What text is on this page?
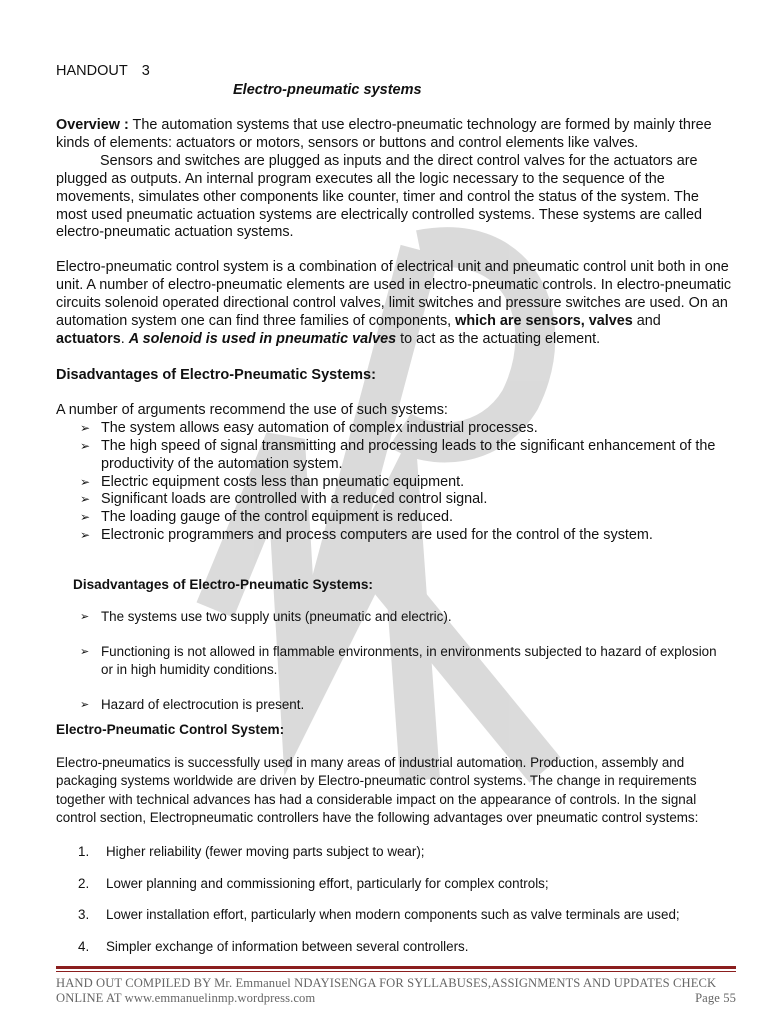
HANDOUT 3
Electro-pneumatic systems

Overview : The automation systems that use electro-pneumatic technology are formed by mainly three kinds of elements: actuators or motors, sensors or buttons and control elements like valves.

Sensors and switches are plugged as inputs and the direct control valves for the actuators are plugged as outputs. An internal program executes all the logic necessary to the sequence of the movements, simulates other components like counter, timer and control the status of the system. The most used pneumatic actuation systems are electrically controlled systems. These systems are called electro-pneumatic actuation systems.

Electro-pneumatic control system is a combination of electrical unit and pneumatic control unit both in one unit. A number of electro-pneumatic elements are used in electro-pneumatic controls. In electro-pneumatic circuits solenoid operated directional control valves, limit switches and pressure switches are used. On an automation system one can find three families of components, which are sensors, valves and actuators. A solenoid is used in pneumatic valves to act as the actuating element.

Disadvantages of Electro-Pneumatic Systems:

A number of arguments recommend the use of such systems:

➢ The system allows easy automation of complex industrial processes.
➢ The high speed of signal transmitting and processing leads to the significant enhancement of the productivity of the automation system.
➢ Electric equipment costs less than pneumatic equipment.
➢ Significant loads are controlled with a reduced control signal.
➢ The loading gauge of the control equipment is reduced.
➢ Electronic programmers and process computers are used for the control of the system.
Disadvantages of Electro-Pneumatic Systems:
➢ The systems use two supply units (pneumatic and electric).
➢ Functioning is not allowed in flammable environments, in environments subjected to hazard of explosion or in high humidity conditions.
➢ Hazard of electrocution is present.
Electro-Pneumatic Control System:

Electro-pneumatics is successfully used in many areas of industrial automation. Production, assembly and packaging systems worldwide are driven by Electro-pneumatic control systems. The change in requirements together with technical advances has had a considerable impact on the appearance of controls. In the signal control section, Electropneumatic controllers have the following advantages over pneumatic control systems:

1. Higher reliability (fewer moving parts subject to wear);
2. Lower planning and commissioning effort, particularly for complex controls;
3. Lower installation effort, particularly when modern components such as valve terminals are used;
4. Simpler exchange of information between several controllers.
HAND OUT COMPILED BY Mr. Emmanuel NDAYISENGA FOR SYLLABUSES,ASSIGNMENTS AND UPDATES CHECK
ONLINE AT www.emmanuelinmp.wordpress.com	Page 55
